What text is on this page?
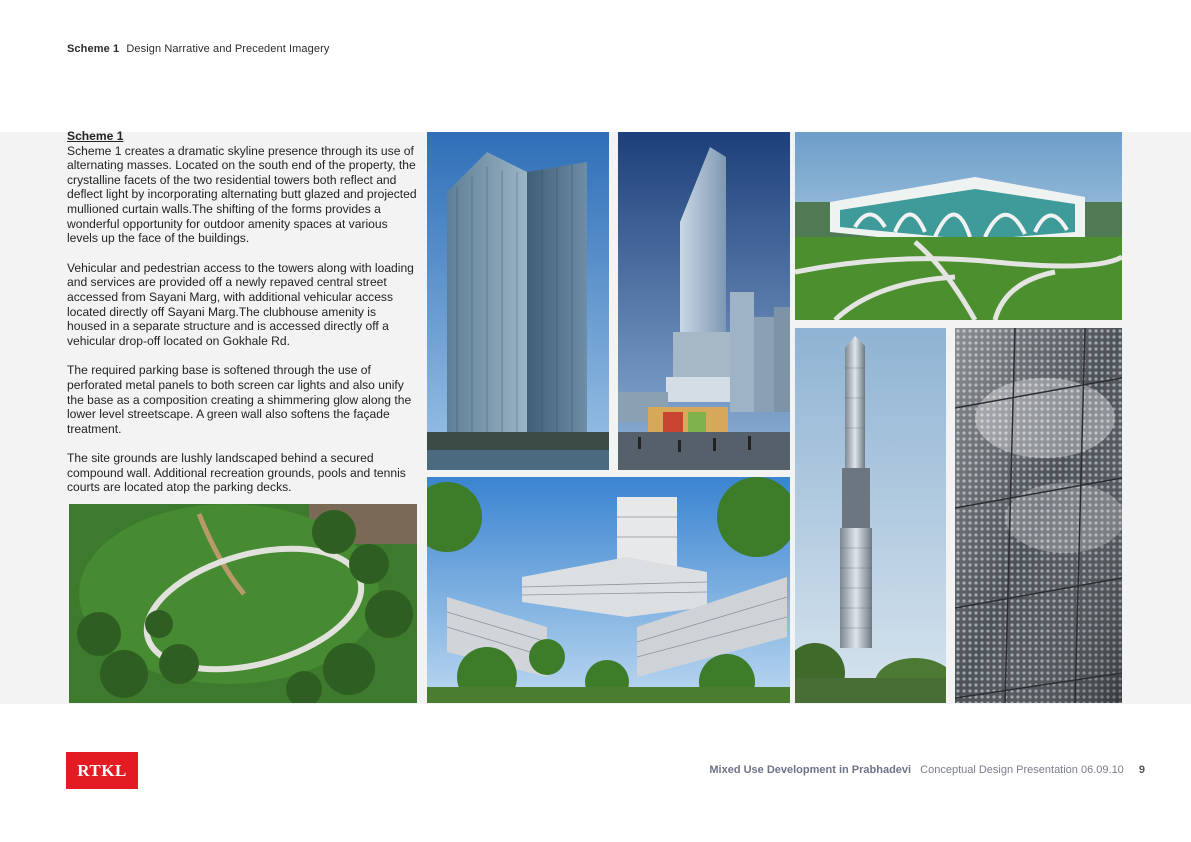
Scheme 1 Design Narrative and Precedent Imagery
Scheme 1

Scheme 1 creates a dramatic skyline presence through its use of alternating masses. Located on the south end of the property, the crystalline facets of the two residential towers both reflect and deflect light by incorporating alternating butt glazed and projected mullioned curtain walls.The shifting of the forms provides a wonderful opportunity for outdoor amenity spaces at various levels up the face of the buildings.

Vehicular and pedestrian access to the towers along with loading and services are provided off a newly repaved central street accessed from Sayani Marg, with additional vehicular access located directly off Sayani Marg.The clubhouse amenity is housed in a separate structure and is accessed directly off a vehicular drop-off located on Gokhale Rd.

The required parking base is softened through the use of perforated metal panels to both screen car lights and also unify the base as a composition creating a shimmering glow along the lower level streetscape. A green wall also softens the façade treatment.

The site grounds are lushly landscaped behind a secured compound wall. Additional recreation grounds, pools and tennis courts are located atop the parking decks.

RTKL	Mixed Use Development in Prabhadevi Conceptual Design Presentation 06.09.10 9
